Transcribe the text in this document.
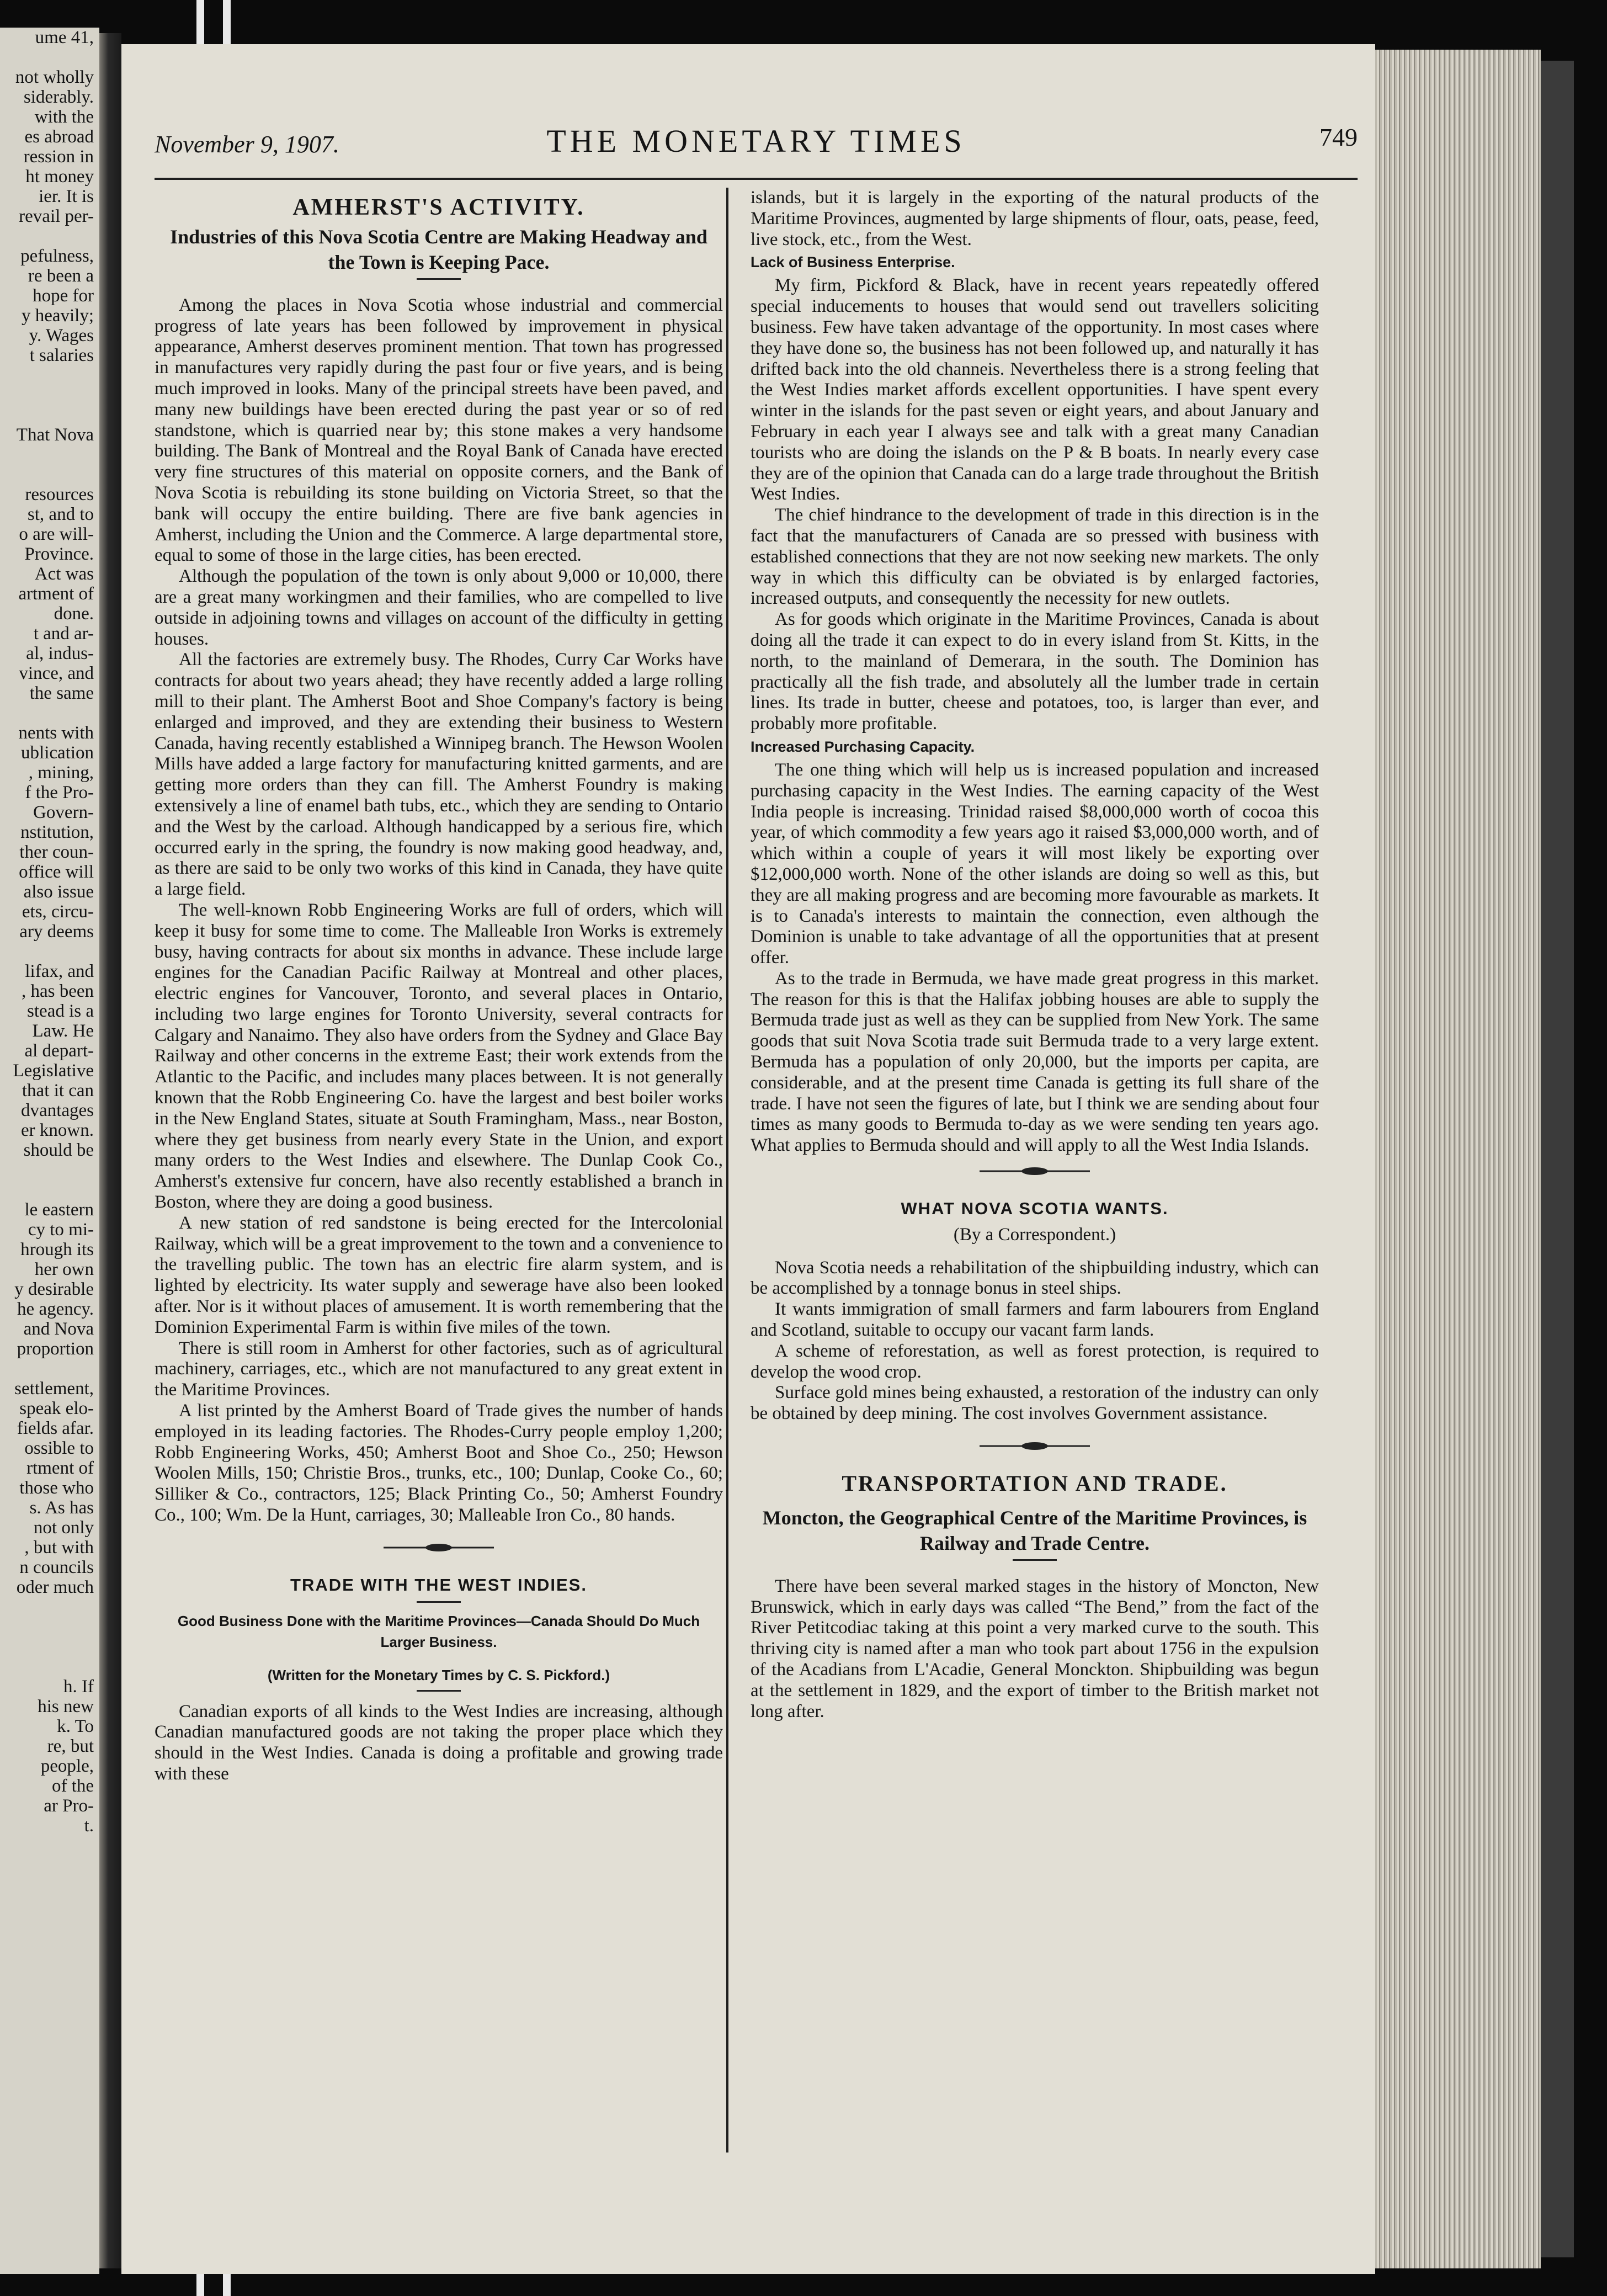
ume 41,

not wholly
siderably.
with the
es abroad
ression in
ht money
ier. It is
revail per-

pefulness,
re been a
hope for
y heavily;
y. Wages
t salaries

That Nova

resources
st, and to
o are will-
Province.
Act was
artment of
done.
t and ar-
al, indus-
vince, and
the same

nents with
ublication
, mining,
f the Pro-
Govern-
nstitution,
ther coun-
office will
also issue
ets, circu-
ary deems

lifax, and
, has been
stead is a
Law. He
al depart-
Legislative
that it can
dvantages
er known.
should be

le eastern
cy to mi-
hrough its
her own
y desirable
he agency.
and Nova
proportion

settlement,
speak elo-
fields afar.
ossible to
rtment of
those who
s. As has
not only
, but with
n councils
oder much

h. If
his new
k. To
re, but
people,
of the
ar Pro-
t.
November 9, 1907.	THE MONETARY TIMES	749
AMHERST'S ACTIVITY.
Industries of this Nova Scotia Centre are Making Headway and the Town is Keeping Pace.

Among the places in Nova Scotia whose industrial and commercial progress of late years has been followed by improvement in physical appearance, Amherst deserves prominent mention. That town has progressed in manufactures very rapidly during the past four or five years, and is being much improved in looks. Many of the principal streets have been paved, and many new buildings have been erected during the past year or so of red standstone, which is quarried near by; this stone makes a very handsome building. The Bank of Montreal and the Royal Bank of Canada have erected very fine structures of this material on opposite corners, and the Bank of Nova Scotia is rebuilding its stone building on Victoria Street, so that the bank will occupy the entire building. There are five bank agencies in Amherst, including the Union and the Commerce. A large departmental store, equal to some of those in the large cities, has been erected.

Although the population of the town is only about 9,000 or 10,000, there are a great many workingmen and their families, who are compelled to live outside in adjoining towns and villages on account of the difficulty in getting houses.

All the factories are extremely busy. The Rhodes, Curry Car Works have contracts for about two years ahead; they have recently added a large rolling mill to their plant. The Amherst Boot and Shoe Company's factory is being enlarged and improved, and they are extending their business to Western Canada, having recently established a Winnipeg branch. The Hewson Woolen Mills have added a large factory for manufacturing knitted garments, and are getting more orders than they can fill. The Amherst Foundry is making extensively a line of enamel bath tubs, etc., which they are sending to Ontario and the West by the carload. Although handicapped by a serious fire, which occurred early in the spring, the foundry is now making good headway, and, as there are said to be only two works of this kind in Canada, they have quite a large field.

The well-known Robb Engineering Works are full of orders, which will keep it busy for some time to come. The Malleable Iron Works is extremely busy, having contracts for about six months in advance. These include large engines for the Canadian Pacific Railway at Montreal and other places, electric engines for Vancouver, Toronto, and several places in Ontario, including two large engines for Toronto University, several contracts for Calgary and Nanaimo. They also have orders from the Sydney and Glace Bay Railway and other concerns in the extreme East; their work extends from the Atlantic to the Pacific, and includes many places between. It is not generally known that the Robb Engineering Co. have the largest and best boiler works in the New England States, situate at South Framingham, Mass., near Boston, where they get business from nearly every State in the Union, and export many orders to the West Indies and elsewhere. The Dunlap Cook Co., Amherst's extensive fur concern, have also recently established a branch in Boston, where they are doing a good business.

A new station of red sandstone is being erected for the Intercolonial Railway, which will be a great improvement to the town and a convenience to the travelling public. The town has an electric fire alarm system, and is lighted by electricity. Its water supply and sewerage have also been looked after. Nor is it without places of amusement. It is worth remembering that the Dominion Experimental Farm is within five miles of the town.

There is still room in Amherst for other factories, such as of agricultural machinery, carriages, etc., which are not manufactured to any great extent in the Maritime Provinces.

A list printed by the Amherst Board of Trade gives the number of hands employed in its leading factories. The Rhodes-Curry people employ 1,200; Robb Engineering Works, 450; Amherst Boot and Shoe Co., 250; Hewson Woolen Mills, 150; Christie Bros., trunks, etc., 100; Dunlap, Cooke Co., 60; Silliker & Co., contractors, 125; Black Printing Co., 50; Amherst Foundry Co., 100; Wm. De la Hunt, carriages, 30; Malleable Iron Co., 80 hands.

TRADE WITH THE WEST INDIES.
Good Business Done with the Maritime Provinces—Canada Should Do Much Larger Business.
(Written for the Monetary Times by C. S. Pickford.)

Canadian exports of all kinds to the West Indies are increasing, although Canadian manufactured goods are not taking the proper place which they should in the West Indies. Canada is doing a profitable and growing trade with these

islands, but it is largely in the exporting of the natural products of the Maritime Provinces, augmented by large shipments of flour, oats, pease, feed, live stock, etc., from the West.

Lack of Business Enterprise.

My firm, Pickford & Black, have in recent years repeatedly offered special inducements to houses that would send out travellers soliciting business. Few have taken advantage of the opportunity. In most cases where they have done so, the business has not been followed up, and naturally it has drifted back into the old channeis. Nevertheless there is a strong feeling that the West Indies market affords excellent opportunities. I have spent every winter in the islands for the past seven or eight years, and about January and February in each year I always see and talk with a great many Canadian tourists who are doing the islands on the P & B boats. In nearly every case they are of the opinion that Canada can do a large trade throughout the British West Indies.

The chief hindrance to the development of trade in this direction is in the fact that the manufacturers of Canada are so pressed with business with established connections that they are not now seeking new markets. The only way in which this difficulty can be obviated is by enlarged factories, increased outputs, and consequently the necessity for new outlets.

As for goods which originate in the Maritime Provinces, Canada is about doing all the trade it can expect to do in every island from St. Kitts, in the north, to the mainland of Demerara, in the south. The Dominion has practically all the fish trade, and absolutely all the lumber trade in certain lines. Its trade in butter, cheese and potatoes, too, is larger than ever, and probably more profitable.

Increased Purchasing Capacity.

The one thing which will help us is increased population and increased purchasing capacity in the West Indies. The earning capacity of the West India people is increasing. Trinidad raised $8,000,000 worth of cocoa this year, of which commodity a few years ago it raised $3,000,000 worth, and of which within a couple of years it will most likely be exporting over $12,000,000 worth. None of the other islands are doing so well as this, but they are all making progress and are becoming more favourable as markets. It is to Canada's interests to maintain the connection, even although the Dominion is unable to take advantage of all the opportunities that at present offer.

As to the trade in Bermuda, we have made great progress in this market. The reason for this is that the Halifax jobbing houses are able to supply the Bermuda trade just as well as they can be supplied from New York. The same goods that suit Nova Scotia trade suit Bermuda trade to a very large extent. Bermuda has a population of only 20,000, but the imports per capita, are considerable, and at the present time Canada is getting its full share of the trade. I have not seen the figures of late, but I think we are sending about four times as many goods to Bermuda to-day as we were sending ten years ago. What applies to Bermuda should and will apply to all the West India Islands.

WHAT NOVA SCOTIA WANTS.
(By a Correspondent.)

Nova Scotia needs a rehabilitation of the shipbuilding industry, which can be accomplished by a tonnage bonus in steel ships.

It wants immigration of small farmers and farm labourers from England and Scotland, suitable to occupy our vacant farm lands.

A scheme of reforestation, as well as forest protection, is required to develop the wood crop.

Surface gold mines being exhausted, a restoration of the industry can only be obtained by deep mining. The cost involves Government assistance.

TRANSPORTATION AND TRADE.
Moncton, the Geographical Centre of the Maritime Provinces, is Railway and Trade Centre.

There have been several marked stages in the history of Moncton, New Brunswick, which in early days was called “The Bend,” from the fact of the River Petitcodiac taking at this point a very marked curve to the south. This thriving city is named after a man who took part about 1756 in the expulsion of the Acadians from L'Acadie, General Monckton. Shipbuilding was begun at the settlement in 1829, and the export of timber to the British market not long after.
